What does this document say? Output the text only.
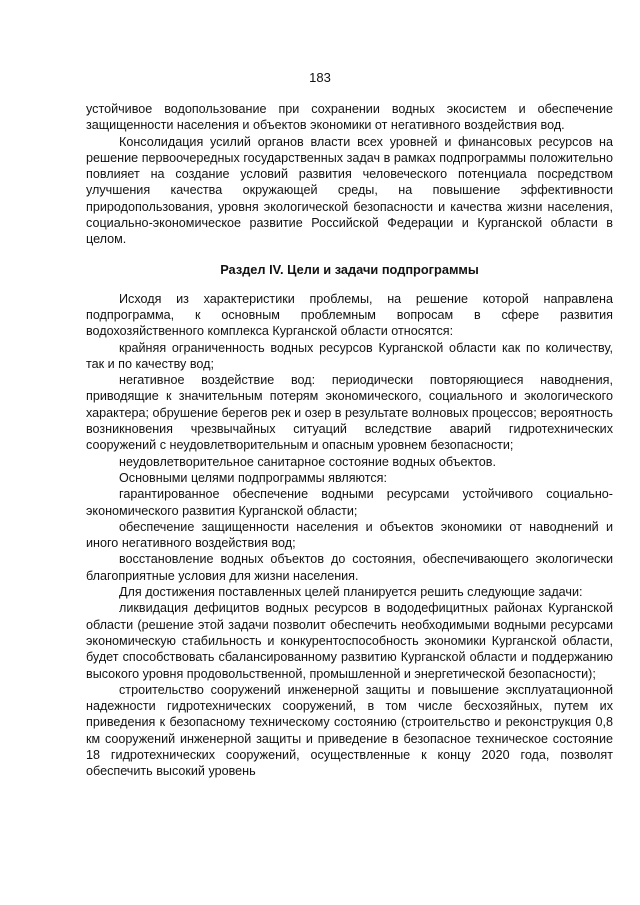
183

устойчивое водопользование при сохранении водных экосистем и обеспечение защищенности населения и объектов экономики от негативного воздействия вод.

Консолидация усилий органов власти всех уровней и финансовых ресурсов на решение первоочередных государственных задач в рамках подпрограммы положительно повлияет на создание условий развития человеческого потенциала посредством улучшения качества окружающей среды, на повышение эффективности природопользования, уровня экологической безопасности и качества жизни населения, социально-экономическое развитие Российской Федерации и Курганской области в целом.

Раздел IV. Цели и задачи подпрограммы

Исходя из характеристики проблемы, на решение которой направлена подпрограмма, к основным проблемным вопросам в сфере развития водохозяйственного комплекса Курганской области относятся:

крайняя ограниченность водных ресурсов Курганской области как по количеству, так и по качеству вод;

негативное воздействие вод: периодически повторяющиеся наводнения, приводящие к значительным потерям экономического, социального и экологического характера; обрушение берегов рек и озер в результате волновых процессов; вероятность возникновения чрезвычайных ситуаций вследствие аварий гидротехнических сооружений с неудовлетворительным и опасным уровнем безопасности;

неудовлетворительное санитарное состояние водных объектов.

Основными целями подпрограммы являются:

гарантированное обеспечение водными ресурсами устойчивого социально-экономического развития Курганской области;

обеспечение защищенности населения и объектов экономики от наводнений и иного негативного воздействия вод;

восстановление водных объектов до состояния, обеспечивающего экологически благоприятные условия для жизни населения.

Для достижения поставленных целей планируется решить следующие задачи:

ликвидация дефицитов водных ресурсов в вододефицитных районах Курганской области (решение этой задачи позволит обеспечить необходимыми водными ресурсами экономическую стабильность и конкурентоспособность экономики Курганской области, будет способствовать сбалансированному развитию Курганской области и поддержанию высокого уровня продовольственной, промышленной и энергетической безопасности);

строительство сооружений инженерной защиты и повышение эксплуатационной надежности гидротехнических сооружений, в том числе бесхозяйных, путем их приведения к безопасному техническому состоянию (строительство и реконструкция 0,8 км сооружений инженерной защиты и приведение в безопасное техническое состояние 18 гидротехнических сооружений, осуществленные к концу 2020 года, позволят обеспечить высокий уровень
